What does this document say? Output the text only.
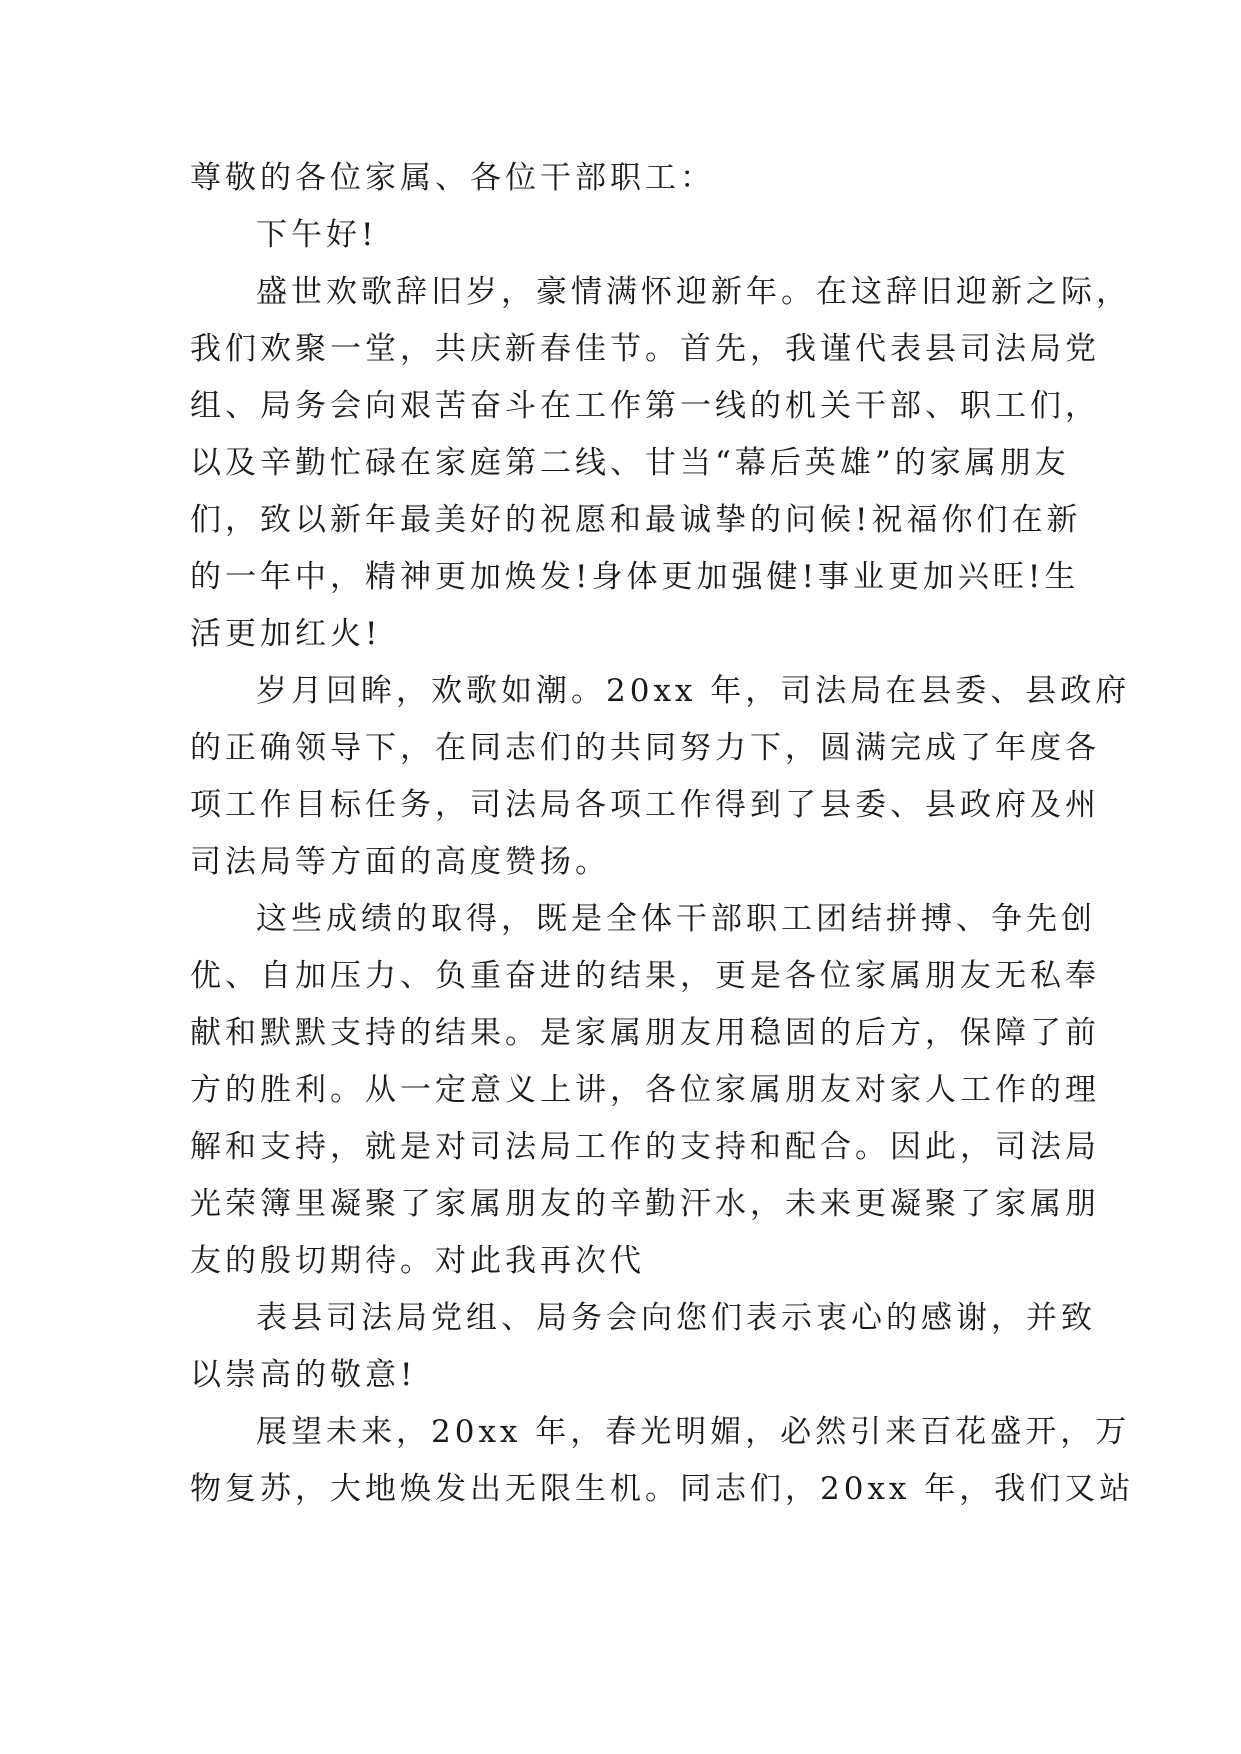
尊敬的各位家属、各位干部职工：
下午好!
盛世欢歌辞旧岁，豪情满怀迎新年。在这辞旧迎新之际，
我们欢聚一堂，共庆新春佳节。首先，我谨代表县司法局党
组、局务会向艰苦奋斗在工作第一线的机关干部、职工们，
以及辛勤忙碌在家庭第二线、甘当“幕后英雄”的家属朋友
们，致以新年最美好的祝愿和最诚挚的问候!祝福你们在新
的一年中，精神更加焕发!身体更加强健!事业更加兴旺!生
活更加红火!
岁月回眸，欢歌如潮。20xx 年，司法局在县委、县政府
的正确领导下，在同志们的共同努力下，圆满完成了年度各
项工作目标任务，司法局各项工作得到了县委、县政府及州
司法局等方面的高度赞扬。
这些成绩的取得，既是全体干部职工团结拼搏、争先创
优、自加压力、负重奋进的结果，更是各位家属朋友无私奉
献和默默支持的结果。是家属朋友用稳固的后方，保障了前
方的胜利。从一定意义上讲，各位家属朋友对家人工作的理
解和支持，就是对司法局工作的支持和配合。因此，司法局
光荣簿里凝聚了家属朋友的辛勤汗水，未来更凝聚了家属朋
友的殷切期待。对此我再次代
表县司法局党组、局务会向您们表示衷心的感谢，并致
以崇高的敬意!
展望未来，20xx 年，春光明媚，必然引来百花盛开，万
物复苏，大地焕发出无限生机。同志们，20xx 年，我们又站
